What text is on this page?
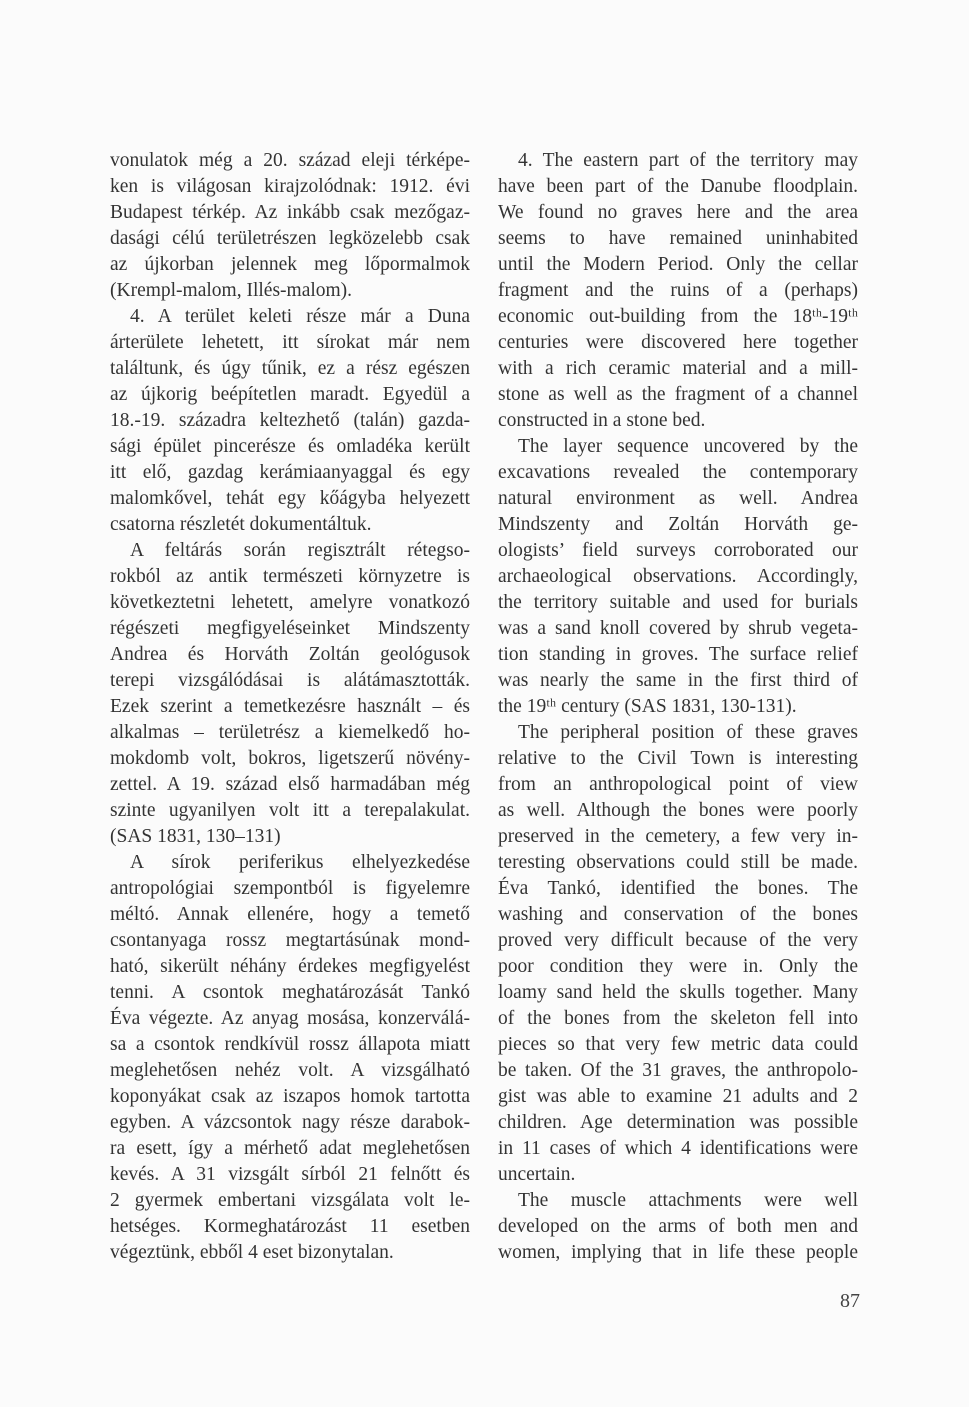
vonulatok még a 20. század eleji térképe-
ken is világosan kirajzolódnak: 1912. évi
Budapest térkép. Az inkább csak mezőgaz-
dasági célú területrészen legközelebb csak
az újkorban jelennek meg lőpormalmok
(Krempl-malom, Illés-malom).
4. A terület keleti része már a Duna
árterülete lehetett, itt sírokat már nem
találtunk, és úgy tűnik, ez a rész egészen
az újkorig beépítetlen maradt. Egyedül a
18.-19. századra keltezhető (talán) gazda-
sági épület pincerésze és omladéka került
itt elő, gazdag kerámiaanyaggal és egy
malomkővel, tehát egy kőágyba helyezett
csatorna részletét dokumentáltuk.
A feltárás során regisztrált rétegso-
rokból az antik természeti környzetre is
következtetni lehetett, amelyre vonatkozó
régészeti megfigyeléseinket Mindszenty
Andrea és Horváth Zoltán geológusok
terepi vizsgálódásai is alátámasztották.
Ezek szerint a temetkezésre használt – és
alkalmas – területrész a kiemelkedő ho-
mokdomb volt, bokros, ligetszerű növény-
zettel. A 19. század első harmadában még
szinte ugyanilyen volt itt a terepalakulat.
(SAS 1831, 130–131)
A sírok periferikus elhelyezkedése
antropológiai szempontból is figyelemre
méltó. Annak ellenére, hogy a temető
csontanyaga rossz megtartásúnak mond-
ható, sikerült néhány érdekes megfigyelést
tenni. A csontok meghatározását Tankó
Éva végezte. Az anyag mosása, konzerválá-
sa a csontok rendkívül rossz állapota miatt
meglehetősen nehéz volt. A vizsgálható
koponyákat csak az iszapos homok tartotta
egyben. A vázcsontok nagy része darabok-
ra esett, így a mérhető adat meglehetősen
kevés. A 31 vizsgált sírból 21 felnőtt és
2 gyermek embertani vizsgálata volt le-
hetséges. Kormeghatározást 11 esetben
végeztünk, ebből 4 eset bizonytalan.
4. The eastern part of the territory may
have been part of the Danube floodplain.
We found no graves here and the area
seems to have remained uninhabited
until the Modern Period. Only the cellar
fragment and the ruins of a (perhaps)
economic out-building from the 18ᵗʰ-19ᵗʰ
centuries were discovered here together
with a rich ceramic material and a mill-
stone as well as the fragment of a channel
constructed in a stone bed.
The layer sequence uncovered by the
excavations revealed the contemporary
natural environment as well. Andrea
Mindszenty and Zoltán Horváth ge-
ologists’ field surveys corroborated our
archaeological observations. Accordingly,
the territory suitable and used for burials
was a sand knoll covered by shrub vegeta-
tion standing in groves. The surface relief
was nearly the same in the first third of
the 19ᵗʰ century (SAS 1831, 130-131).
The peripheral position of these graves
relative to the Civil Town is interesting
from an anthropological point of view
as well. Although the bones were poorly
preserved in the cemetery, a few very in-
teresting observations could still be made.
Éva Tankó, identified the bones. The
washing and conservation of the bones
proved very difficult because of the very
poor condition they were in. Only the
loamy sand held the skulls together. Many
of the bones from the skeleton fell into
pieces so that very few metric data could
be taken. Of the 31 graves, the anthropolo-
gist was able to examine 21 adults and 2
children. Age determination was possible
in 11 cases of which 4 identifications were
uncertain.
The muscle attachments were well
developed on the arms of both men and
women, implying that in life these people
87
